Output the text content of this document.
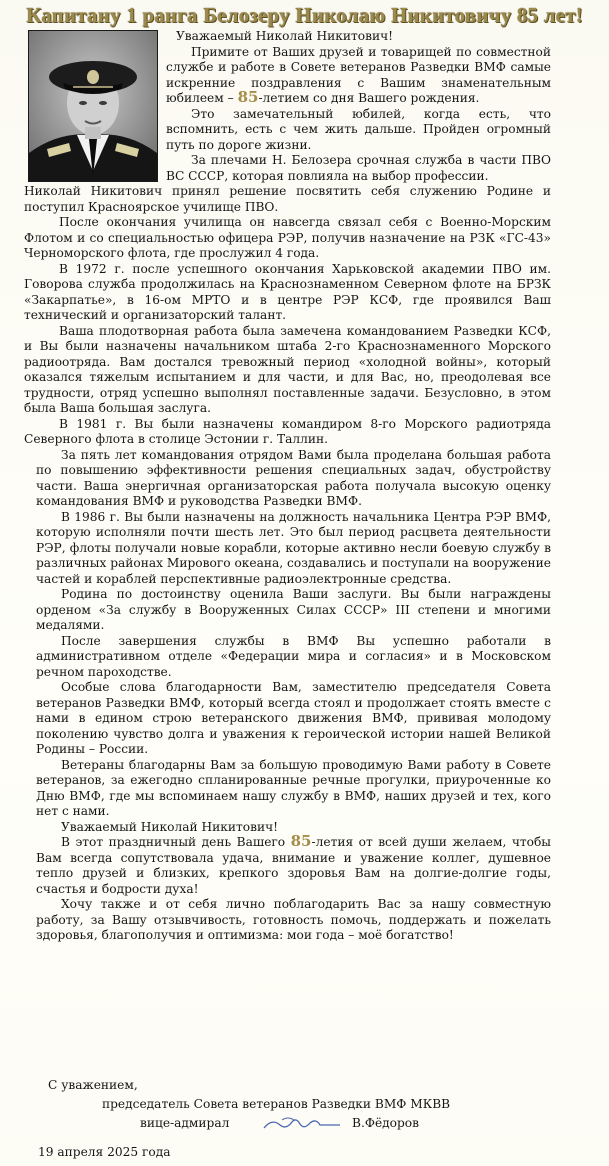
Капитану 1 ранга Белозеру Николаю Никитовичу 85 лет!

Уважаемый Николай Никитович!

Примите от Ваших друзей и товарищей по совместной службе и работе в Совете ветеранов Разведки ВМФ самые искренние поздравления с Вашим знаменательным юбилеем – 85-летием со дня Вашего рождения.

Это замечательный юбилей, когда есть, что вспомнить, есть с чем жить дальше. Пройден огромный путь по дороге жизни.

За плечами Н. Белозера срочная служба в части ПВО ВС СССР, которая повлияла на выбор профессии.

Николай Никитович принял решение посвятить себя служению Родине и поступил Красноярское училище ПВО.

После окончания училища он навсегда связал себя с Военно-Морским Флотом и со специальностью офицера РЭР, получив назначение на РЗК «ГС-43» Черноморского флота, где прослужил 4 года.

В 1972 г. после успешного окончания Харьковской академии ПВО им. Говорова служба продолжилась на Краснознаменном Северном флоте на БРЗК «Закарпатье», в 16-ом МРТО и в центре РЭР КСФ, где проявился Ваш технический и организаторский талант.

Ваша плодотворная работа была замечена командованием Разведки КСФ, и Вы были назначены начальником штаба 2-го Краснознаменного Морского радиоотряда. Вам достался тревожный период «холодной войны», который оказался тяжелым испытанием и для части, и для Вас, но, преодолевая все трудности, отряд успешно выполнял поставленные задачи. Безусловно, в этом была Ваша большая заслуга.

В 1981 г. Вы были назначены командиром 8-го Морского радиотряда Северного флота в столице Эстонии г. Таллин.

За пять лет командования отрядом Вами была проделана большая работа по повышению эффективности решения специальных задач, обустройству части. Ваша энергичная организаторская работа получала высокую оценку командования ВМФ и руководства Разведки ВМФ.

В 1986 г. Вы были назначены на должность начальника Центра РЭР ВМФ, которую исполняли почти шесть лет. Это был период расцвета деятельности РЭР, флоты получали новые корабли, которые активно несли боевую службу в различных районах Мирового океана, создавались и поступали на вооружение частей и кораблей перспективные радиоэлектронные средства.

Родина по достоинству оценила Ваши заслуги. Вы были награждены орденом «За службу в Вооруженных Силах СССР» III степени и многими медалями.

После завершения службы в ВМФ Вы успешно работали в административном отделе «Федерации мира и согласия» и в Московском речном пароходстве.

Особые слова благодарности Вам, заместителю председателя Совета ветеранов Разведки ВМФ, который всегда стоял и продолжает стоять вместе с нами в едином строю ветеранского движения ВМФ, прививая молодому поколению чувство долга и уважения к героической истории нашей Великой Родины – России.

Ветераны благодарны Вам за большую проводимую Вами работу в Совете ветеранов, за ежегодно спланированные речные прогулки, приуроченные ко Дню ВМФ, где мы вспоминаем нашу службу в ВМФ, наших друзей и тех, кого нет с нами.

Уважаемый Николай Никитович!

В этот праздничный день Вашего 85-летия от всей души желаем, чтобы Вам всегда сопутствовала удача, внимание и уважение коллег, душевное тепло друзей и близких, крепкого здоровья Вам на долгие-долгие годы, счастья и бодрости духа!

Хочу также и от себя лично поблагодарить Вас за нашу совместную работу, за Вашу отзывчивость, готовность помочь, поддержать и пожелать здоровья, благополучия и оптимизма: мои года – моё богатство!

С уважением,
председатель Совета ветеранов Разведки ВМФ МКВВ
вице-адмирал	В.Фёдоров
19 апреля 2025 года
